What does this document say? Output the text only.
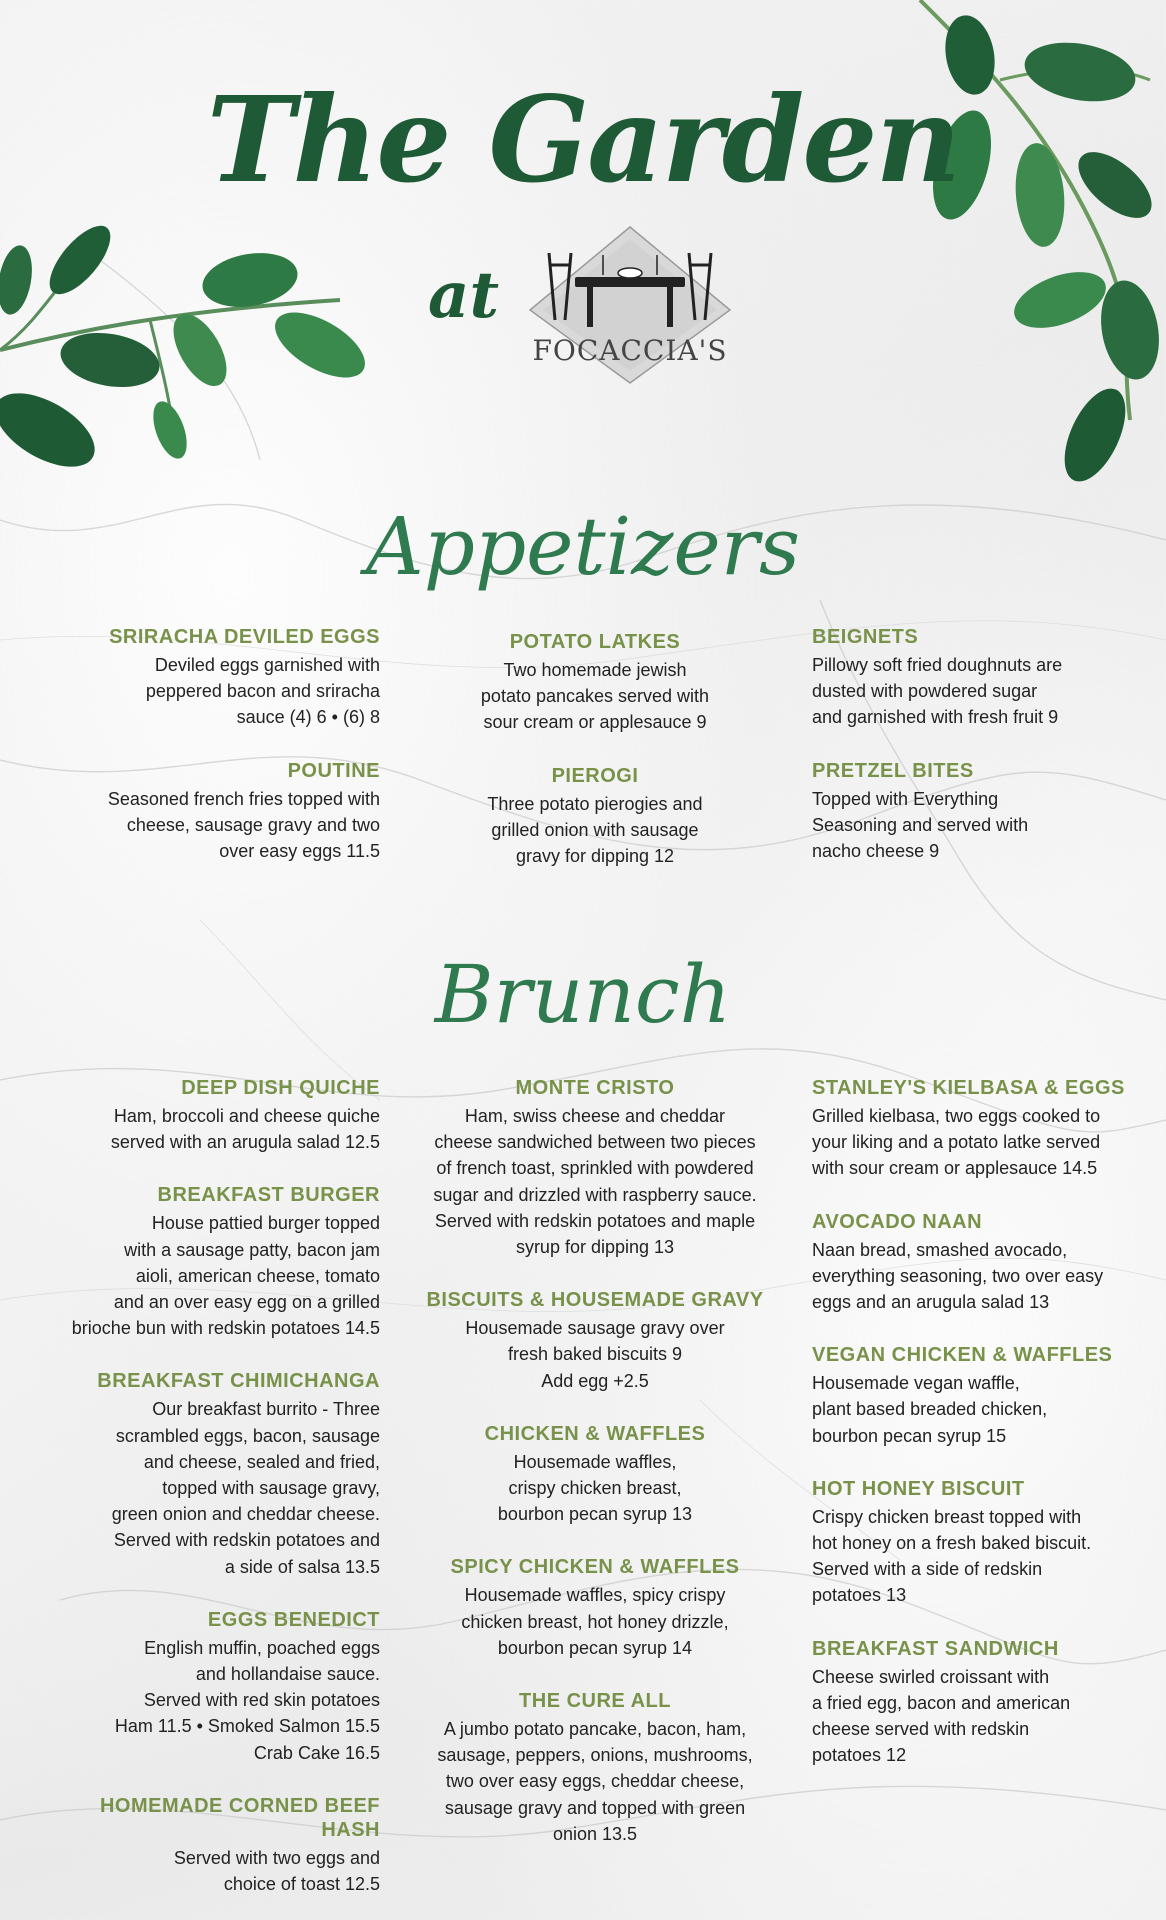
The Garden
at
FOCACCIA'S
Appetizers
SRIRACHA DEVILED EGGS

Deviled eggs garnished with
peppered bacon and sriracha
sauce (4) 6 • (6) 8

POUTINE

Seasoned french fries topped with
cheese, sausage gravy and two
over easy eggs 11.5

POTATO LATKES

Two homemade jewish
potato pancakes served with
sour cream or applesauce 9

PIEROGI

Three potato pierogies and
grilled onion with sausage
gravy for dipping 12

BEIGNETS

Pillowy soft fried doughnuts are
dusted with powdered sugar
and garnished with fresh fruit 9

PRETZEL BITES

Topped with Everything
Seasoning and served with
nacho cheese 9

Brunch
DEEP DISH QUICHE

Ham, broccoli and cheese quiche
served with an arugula salad 12.5

BREAKFAST BURGER

House pattied burger topped
with a sausage patty, bacon jam
aioli, american cheese, tomato
and an over easy egg on a grilled
brioche bun with redskin potatoes 14.5

BREAKFAST CHIMICHANGA

Our breakfast burrito - Three
scrambled eggs, bacon, sausage
and cheese, sealed and fried,
topped with sausage gravy,
green onion and cheddar cheese.
Served with redskin potatoes and
a side of salsa 13.5

EGGS BENEDICT

English muffin, poached eggs
and hollandaise sauce.
Served with red skin potatoes
Ham 11.5 • Smoked Salmon 15.5
Crab Cake 16.5

HOMEMADE CORNED BEEF HASH

Served with two eggs and
choice of toast 12.5

MONTE CRISTO

Ham, swiss cheese and cheddar
cheese sandwiched between two pieces
of french toast, sprinkled with powdered
sugar and drizzled with raspberry sauce.
Served with redskin potatoes and maple
syrup for dipping 13

BISCUITS & HOUSEMADE GRAVY

Housemade sausage gravy over
fresh baked biscuits 9
Add egg +2.5

CHICKEN & WAFFLES

Housemade waffles,
crispy chicken breast,
bourbon pecan syrup 13

SPICY CHICKEN & WAFFLES

Housemade waffles, spicy crispy
chicken breast, hot honey drizzle,
bourbon pecan syrup 14

THE CURE ALL

A jumbo potato pancake, bacon, ham,
sausage, peppers, onions, mushrooms,
two over easy eggs, cheddar cheese,
sausage gravy and topped with green
onion 13.5

STANLEY'S KIELBASA & EGGS

Grilled kielbasa, two eggs cooked to
your liking and a potato latke served
with sour cream or applesauce 14.5

AVOCADO NAAN

Naan bread, smashed avocado,
everything seasoning, two over easy
eggs and an arugula salad 13

VEGAN CHICKEN & WAFFLES

Housemade vegan waffle,
plant based breaded chicken,
bourbon pecan syrup 15

HOT HONEY BISCUIT

Crispy chicken breast topped with
hot honey on a fresh baked biscuit.
Served with a side of redskin
potatoes 13

BREAKFAST SANDWICH

Cheese swirled croissant with
a fried egg, bacon and american
cheese served with redskin
potatoes 12
